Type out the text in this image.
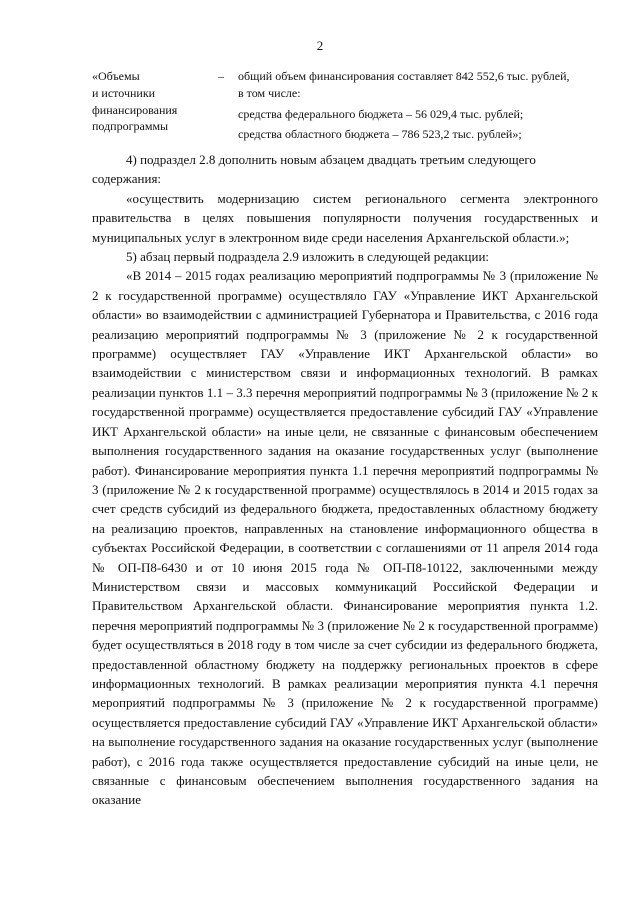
2
«Объемы
и источники
финансирования
подпрограммы
–	общий объем финансирования составляет 842 552,6 тыс. рублей,
в том числе:
средства федерального бюджета – 56 029,4 тыс. рублей;
средства областного бюджета – 786 523,2 тыс. рублей»;

4) подраздел 2.8 дополнить новым абзацем двадцать третьим следующего

содержания:

«осуществить модернизацию систем регионального сегмента электронного правительства в целях повышения популярности получения государственных и муниципальных услуг в электронном виде среди населения Архангельской области.»;

5) абзац первый подраздела 2.9 изложить в следующей редакции:

«В 2014 – 2015 годах реализацию мероприятий подпрограммы № 3 (приложение № 2 к государственной программе) осуществляло ГАУ «Управление ИКТ Архангельской области» во взаимодействии с администрацией Губернатора и Правительства, с 2016 года реализацию мероприятий подпрограммы № 3 (приложение № 2 к государственной программе) осуществляет ГАУ «Управление ИКТ Архангельской области» во взаимодействии с министерством связи и информационных технологий. В рамках реализации пунктов 1.1 – 3.3 перечня мероприятий подпрограммы № 3 (приложение № 2 к государственной программе) осуществляется предоставление субсидий ГАУ «Управление ИКТ Архангельской области» на иные цели, не связанные с финансовым обеспечением выполнения государственного задания на оказание государственных услуг (выполнение работ). Финансирование мероприятия пункта 1.1 перечня мероприятий подпрограммы № 3 (приложение № 2 к государственной программе) осуществлялось в 2014 и 2015 годах за счет средств субсидий из федерального бюджета, предоставленных областному бюджету на реализацию проектов, направленных на становление информационного общества в субъектах Российской Федерации, в соответствии с соглашениями от 11 апреля 2014 года № ОП-П8-6430 и от 10 июня 2015 года № ОП-П8-10122, заключенными между Министерством связи и массовых коммуникаций Российской Федерации и Правительством Архангельской области. Финансирование мероприятия пункта 1.2. перечня мероприятий подпрограммы № 3 (приложение № 2 к государственной программе) будет осуществляться в 2018 году в том числе за счет субсидии из федерального бюджета, предоставленной областному бюджету на поддержку региональных проектов в сфере информационных технологий. В рамках реализации мероприятия пункта 4.1 перечня мероприятий подпрограммы № 3 (приложение № 2 к государственной программе) осуществляется предоставление субсидий ГАУ «Управление ИКТ Архангельской области» на выполнение государственного задания на оказание государственных услуг (выполнение работ), с 2016 года также осуществляется предоставление субсидий на иные цели, не связанные с финансовым обеспечением выполнения государственного задания на оказание
